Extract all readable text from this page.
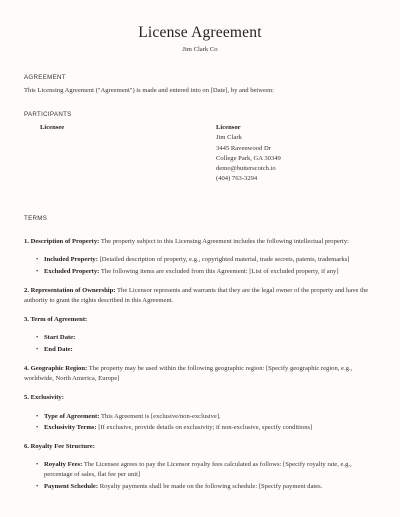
License Agreement
Jim Clark Co
AGREEMENT

This Licensing Agreement ("Agreement") is made and entered into on [Date], by and between:

PARTICIPANTS
Licensee	Licensor
Jim Clark
3445 Ravenwood Dr
College Park, GA 30349
demo@butterscotch.io
(404) 763-3294
TERMS

1. Description of Property: The property subject to this Licensing Agreement includes the following intellectual property:

• Included Property: [Detailed description of property, e.g., copyrighted material, trade secrets, patents, trademarks]
• Excluded Property: The following items are excluded from this Agreement: [List of excluded property, if any]

2. Representation of Ownership: The Licensor represents and warrants that they are the legal owner of the property and have the authority to grant the rights described in this Agreement.

3. Term of Agreement:

• Start Date:
• End Date:

4. Geographic Region: The property may be used within the following geographic region: [Specify geographic region, e.g., worldwide, North America, Europe]

5. Exclusivity:

• Type of Agreement: This Agreement is [exclusive/non-exclusive].
• Exclusivity Terms: [If exclusive, provide details on exclusivity; if non-exclusive, specify conditions]

6. Royalty Fee Structure:

• Royalty Fees: The Licensee agrees to pay the Licensor royalty fees calculated as follows: [Specify royalty rate, e.g., percentage of sales, flat fee per unit]
• Payment Schedule: Royalty payments shall be made on the following schedule: [Specify payment dates.
